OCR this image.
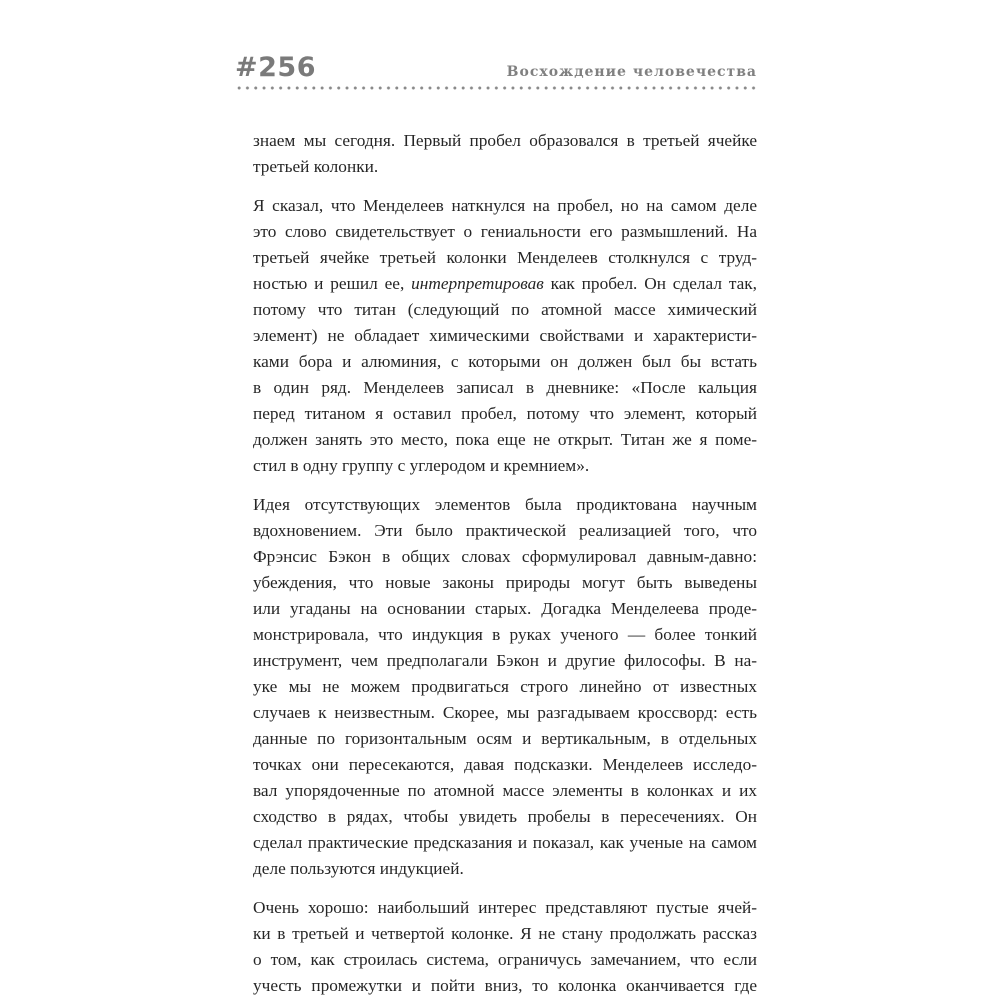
#256	Восхождение человечества
знаем мы сегодня. Первый пробел образовался в третьей ячейке
третьей колонки.
Я сказал, что Менделеев наткнулся на пробел, но на самом деле
это слово свидетельствует о гениальности его размышлений. На
третьей ячейке третьей колонки Менделеев столкнулся с труд-
ностью и решил ее, интерпретировав как пробел. Он сделал так,
потому что титан (следующий по атомной массе химический
элемент) не обладает химическими свойствами и характеристи-
ками бора и алюминия, с которыми он должен был бы встать
в один ряд. Менделеев записал в дневнике: «После кальция
перед титаном я оставил пробел, потому что элемент, который
должен занять это место, пока еще не открыт. Титан же я помe-
стил в одну группу с углеродом и кремнием».
Идея отсутствующих элементов была продиктована научным
вдохновением. Эти было практической реализацией того, что
Фрэнсис Бэкон в общих словах сформулировал давным-давно:
убеждения, что новые законы природы могут быть выведены
или угаданы на основании старых. Догадка Менделеева проде-
монстрировала, что индукция в руках ученого — более тонкий
инструмент, чем предполагали Бэкон и другие философы. В на-
уке мы не можем продвигаться строго линейно от известных
случаев к неизвестным. Скорее, мы разгадываем кроссворд: есть
данные по горизонтальным осям и вертикальным, в отдельных
точках они пересекаются, давая подсказки. Менделеев исследо-
вал упорядоченные по атомной массе элементы в колонках и их
сходство в рядах, чтобы увидеть пробелы в пересечениях. Он
сделал практические предсказания и показал, как ученые на самом
деле пользуются индукцией.
Очень хорошо: наибольший интерес представляют пустые ячей-
ки в третьей и четвертой колонке. Я не стану продолжать рассказ
о том, как строилась система, ограничусь замечанием, что если
учесть промежутки и пойти вниз, то колонка оканчивается где
